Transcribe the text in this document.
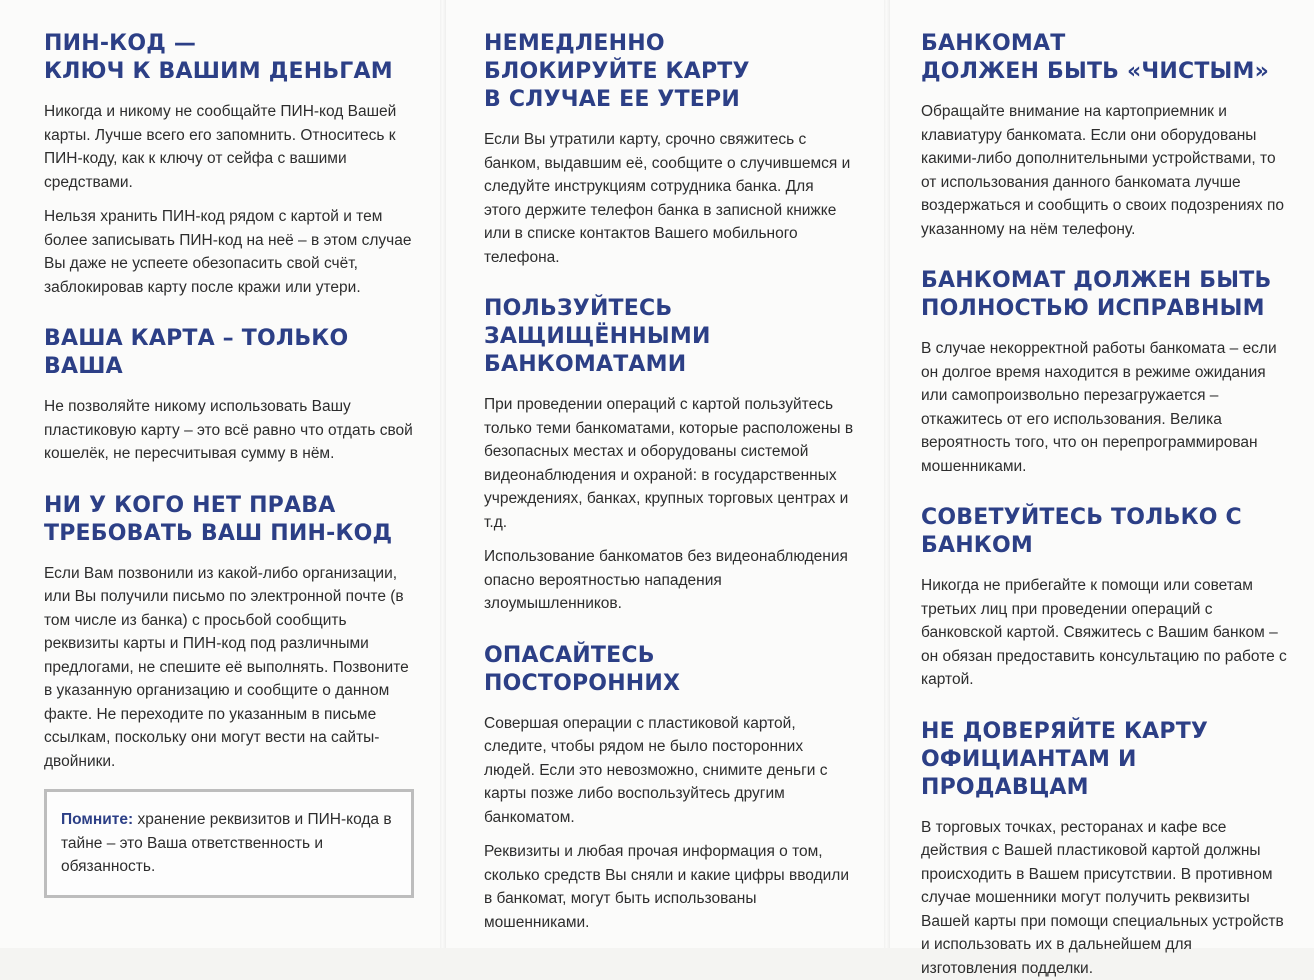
ПИН-КОД —
КЛЮЧ К ВАШИМ ДЕНЬГАМ

Никогда и никому не сообщайте ПИН-код Вашей карты. Лучше всего его запомнить. Относитесь к ПИН-коду, как к ключу от сейфа с вашими средствами.

Нельзя хранить ПИН-код рядом с картой и тем более записывать ПИН-код на неё – в этом случае Вы даже не успеете обезопасить свой счёт, заблокировав карту после кражи или утери.

ВАША КАРТА – ТОЛЬКО ВАША

Не позволяйте никому использовать Вашу пластиковую карту – это всё равно что отдать свой кошелёк, не пересчитывая сумму в нём.

НИ У КОГО НЕТ ПРАВА
ТРЕБОВАТЬ ВАШ ПИН-КОД

Если Вам позвонили из какой-либо организации, или Вы получили письмо по электронной почте (в том числе из банка) с просьбой сообщить реквизиты карты и ПИН-код под различными предлогами, не спешите её выполнять. Позвоните в указанную организацию и сообщите о данном факте. Не переходите по указанным в письме ссылкам, поскольку они могут вести на сайты-двойники.

Помните: хранение реквизитов и ПИН-кода в тайне – это Ваша ответственность и обязанность.

НЕМЕДЛЕННО
БЛОКИРУЙТЕ КАРТУ
В СЛУЧАЕ ЕЕ УТЕРИ

Если Вы утратили карту, срочно свяжитесь с банком, выдавшим её, сообщите о случившемся и следуйте инструкциям сотрудника банка. Для этого держите телефон банка в записной книжке или в списке контактов Вашего мобильного телефона.

ПОЛЬЗУЙТЕСЬ
ЗАЩИЩЁННЫМИ
БАНКОМАТАМИ

При проведении операций с картой пользуйтесь только теми банкоматами, которые расположены в безопасных местах и оборудованы системой видеонаблюдения и охраной: в государственных учреждениях, банках, крупных торговых центрах и т.д.

Использование банкоматов без видеонаблюдения опасно вероятностью нападения злоумышленников.

ОПАСАЙТЕСЬ ПОСТОРОННИХ

Совершая операции с пластиковой картой, следите, чтобы рядом не было посторонних людей. Если это невозможно, снимите деньги с карты позже либо воспользуйтесь другим банкоматом.

Реквизиты и любая прочая информация о том, сколько средств Вы сняли и какие цифры вводили в банкомат, могут быть использованы мошенниками.

БАНКОМАТ
ДОЛЖЕН БЫТЬ «ЧИСТЫМ»

Обращайте внимание на картоприемник и клавиатуру банкомата. Если они оборудованы какими-либо дополнительными устройствами, то от использования данного банкомата лучше воздержаться и сообщить о своих подозрениях по указанному на нём телефону.

БАНКОМАТ ДОЛЖЕН БЫТЬ
ПОЛНОСТЬЮ ИСПРАВНЫМ

В случае некорректной работы банкомата – если он долгое время находится в режиме ожидания или самопроизвольно перезагружается – откажитесь от его использования. Велика вероятность того, что он перепрограммирован мошенниками.

СОВЕТУЙТЕСЬ ТОЛЬКО С БАНКОМ

Никогда не прибегайте к помощи или советам третьих лиц при проведении операций с банковской картой. Свяжитесь с Вашим банком – он обязан предоставить консультацию по работе с картой.

НЕ ДОВЕРЯЙТЕ КАРТУ
ОФИЦИАНТАМ И ПРОДАВЦАМ

В торговых точках, ресторанах и кафе все действия с Вашей пластиковой картой должны происходить в Вашем присутствии. В противном случае мошенники могут получить реквизиты Вашей карты при помощи специальных устройств и использовать их в дальнейшем для изготовления подделки.
